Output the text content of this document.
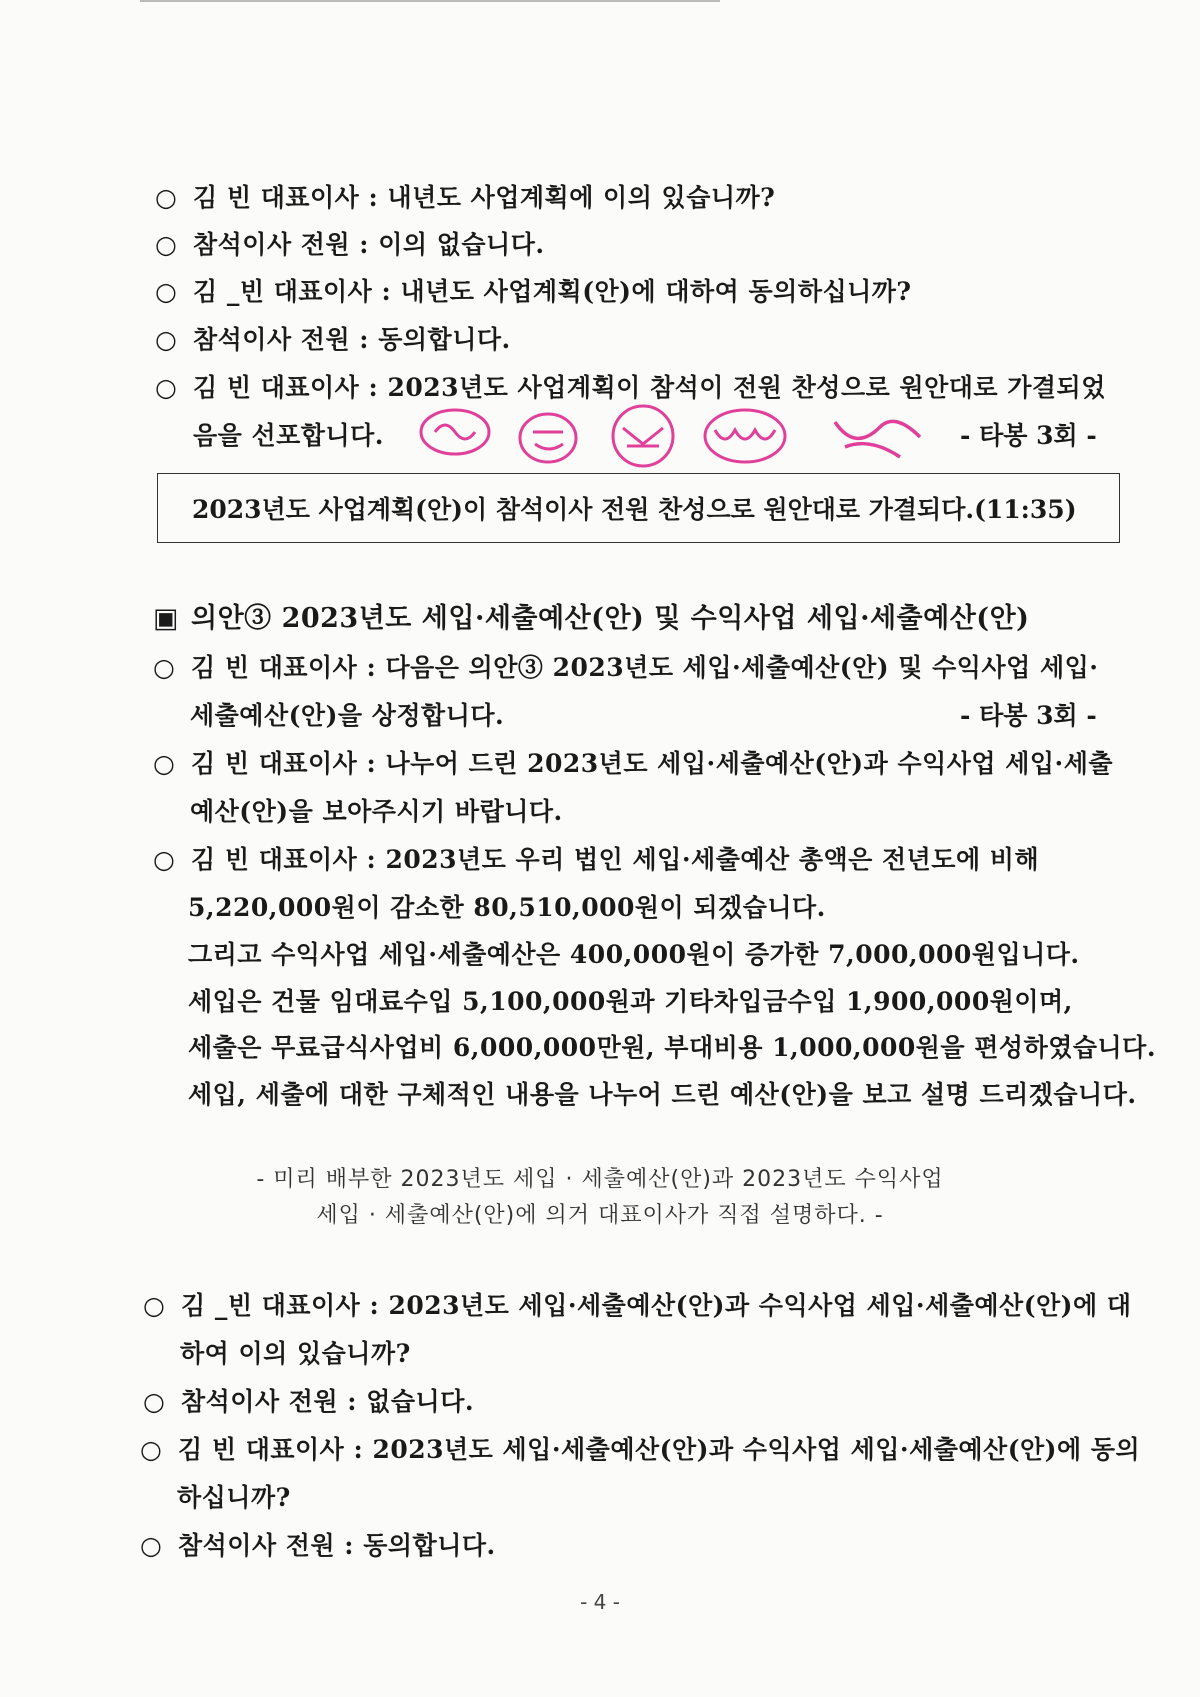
○ 김 빈 대표이사 : 내년도 사업계획에 이의 있습니까?
○ 참석이사 전원 : 이의 없습니다.
○ 김 _빈 대표이사 : 내년도 사업계획(안)에 대하여 동의하십니까?
○ 참석이사 전원 : 동의합니다.
○ 김 빈 대표이사 : 2023년도 사업계획이 참석이 전원 찬성으로 원안대로 가결되었
음을 선포합니다.	- 타봉 3회 -
2023년도 사업계획(안)이 참석이사 전원 찬성으로 원안대로 가결되다.(11:35)
▣ 의안③ 2023년도 세입·세출예산(안) 및 수익사업 세입·세출예산(안)
○ 김 빈 대표이사 : 다음은 의안③ 2023년도 세입·세출예산(안) 및 수익사업 세입·
세출예산(안)을 상정합니다.	- 타봉 3회 -
○ 김 빈 대표이사 : 나누어 드린 2023년도 세입·세출예산(안)과 수익사업 세입·세출
예산(안)을 보아주시기 바랍니다.
○ 김 빈 대표이사 : 2023년도 우리 법인 세입·세출예산 총액은 전년도에 비해
5,220,000원이 감소한 80,510,000원이 되겠습니다.
그리고 수익사업 세입·세출예산은 400,000원이 증가한 7,000,000원입니다.
세입은 건물 임대료수입 5,100,000원과 기타차입금수입 1,900,000원이며,
세출은 무료급식사업비 6,000,000만원, 부대비용 1,000,000원을 편성하였습니다.
세입, 세출에 대한 구체적인 내용을 나누어 드린 예산(안)을 보고 설명 드리겠습니다.
- 미리 배부한 2023년도 세입 · 세출예산(안)과 2023년도 수익사업
세입 · 세출예산(안)에 의거 대표이사가 직접 설명하다. -
○ 김 _빈 대표이사 : 2023년도 세입·세출예산(안)과 수익사업 세입·세출예산(안)에 대
하여 이의 있습니까?
○ 참석이사 전원 : 없습니다.
○ 김 빈 대표이사 : 2023년도 세입·세출예산(안)과 수익사업 세입·세출예산(안)에 동의
하십니까?
○ 참석이사 전원 : 동의합니다.
- 4 -
